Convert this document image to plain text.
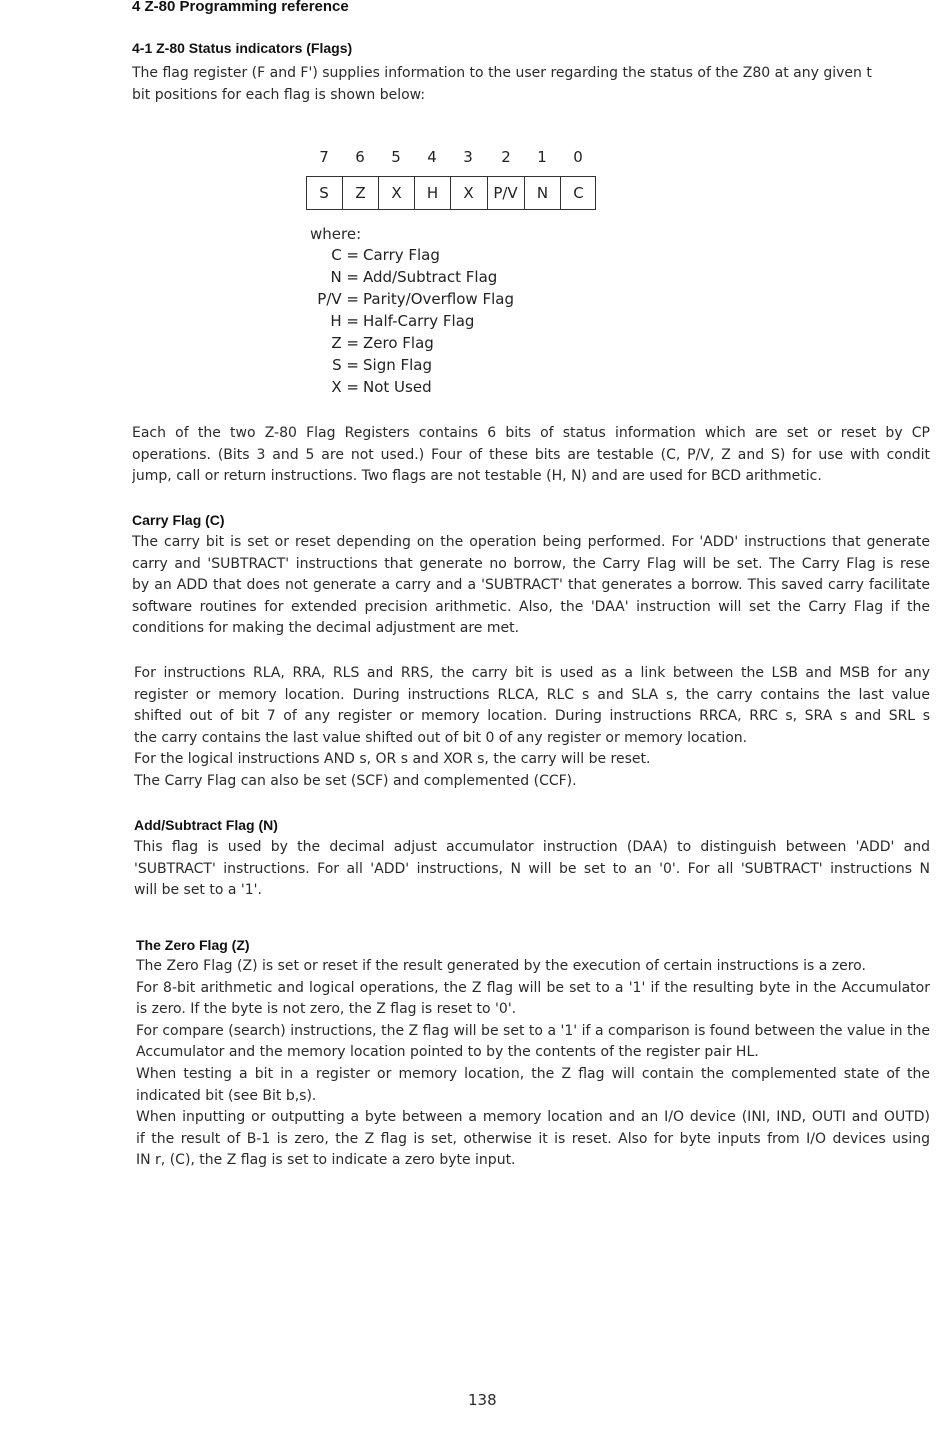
4 Z-80 Programming reference
4-1 Z-80 Status indicators (Flags)
The flag register (F and F') supplies information to the user regarding the status of the Z80 at any given t
bit positions for each flag is shown below:
7	6	5	4	3	2	1	0
S	Z	X	H	X	P/V	N	C
where:
C = Carry Flag
N = Add/Subtract Flag
P/V = Parity/Overflow Flag
H = Half-Carry Flag
Z = Zero Flag
S = Sign Flag
X = Not Used
Each of the two Z-80 Flag Registers contains 6 bits of status information which are set or reset by CP
operations. (Bits 3 and 5 are not used.) Four of these bits are testable (C, P/V, Z and S) for use with condit
jump, call or return instructions. Two flags are not testable (H, N) and are used for BCD arithmetic.
Carry Flag (C)
The carry bit is set or reset depending on the operation being performed. For 'ADD' instructions that generate
carry and 'SUBTRACT' instructions that generate no borrow, the Carry Flag will be set. The Carry Flag is rese
by an ADD that does not generate a carry and a 'SUBTRACT' that generates a borrow. This saved carry facilitate
software routines for extended precision arithmetic. Also, the 'DAA' instruction will set the Carry Flag if the
conditions for making the decimal adjustment are met.
For instructions RLA, RRA, RLS and RRS, the carry bit is used as a link between the LSB and MSB for any
register or memory location. During instructions RLCA, RLC s and SLA s, the carry contains the last value
shifted out of bit 7 of any register or memory location. During instructions RRCA, RRC s, SRA s and SRL s
the carry contains the last value shifted out of bit 0 of any register or memory location.
For the logical instructions AND s, OR s and XOR s, the carry will be reset.
The Carry Flag can also be set (SCF) and complemented (CCF).
Add/Subtract Flag (N)
This flag is used by the decimal adjust accumulator instruction (DAA) to distinguish between 'ADD' and
'SUBTRACT' instructions. For all 'ADD' instructions, N will be set to an '0'. For all 'SUBTRACT' instructions N
will be set to a '1'.
The Zero Flag (Z)
The Zero Flag (Z) is set or reset if the result generated by the execution of certain instructions is a zero.
For 8-bit arithmetic and logical operations, the Z flag will be set to a '1' if the resulting byte in the Accumulator
is zero. If the byte is not zero, the Z flag is reset to '0'.
For compare (search) instructions, the Z flag will be set to a '1' if a comparison is found between the value in the
Accumulator and the memory location pointed to by the contents of the register pair HL.
When testing a bit in a register or memory location, the Z flag will contain the complemented state of the
indicated bit (see Bit b,s).
When inputting or outputting a byte between a memory location and an I/O device (INI, IND, OUTI and OUTD)
if the result of B-1 is zero, the Z flag is set, otherwise it is reset. Also for byte inputs from I/O devices using
IN r, (C), the Z flag is set to indicate a zero byte input.
138
